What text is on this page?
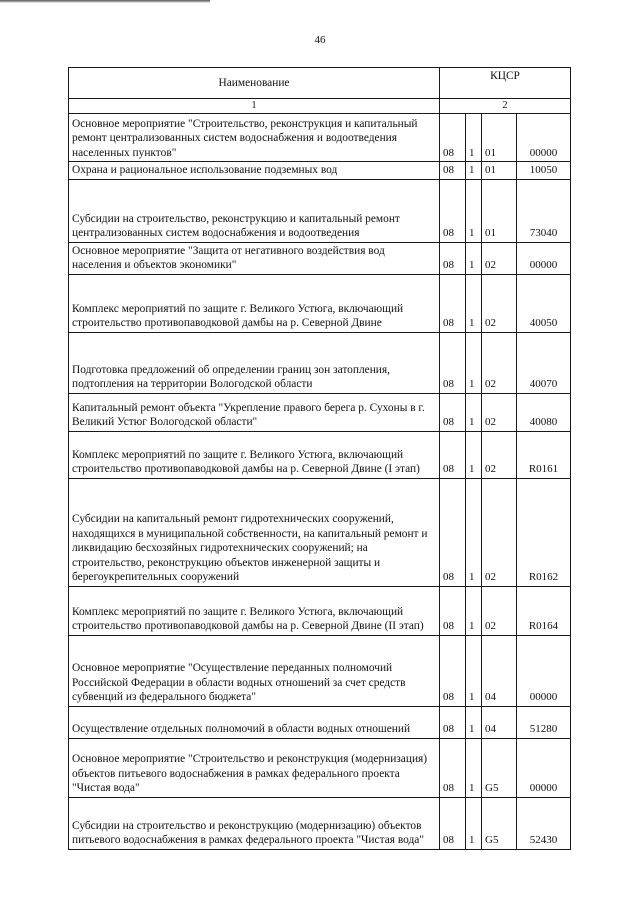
46
Наименование	КЦСР			
1	2			
Основное мероприятие "Строительство, реконструкция и капитальный ремонт централизованных систем водоснабжения и водоотведения населенных пунктов"	08	1	01	00000
Охрана и рациональное использование подземных вод	08	1	01	10050
Субсидии на строительство, реконструкцию и капитальный ремонт централизованных систем водоснабжения и водоотведения	08	1	01	73040
Основное мероприятие "Защита от негативного воздействия вод населения и объектов экономики"	08	1	02	00000
Комплекс мероприятий по защите г. Великого Устюга, включающий строительство противопаводковой дамбы на р. Северной Двине	08	1	02	40050
Подготовка предложений об определении границ зон затопления, подтопления на территории Вологодской области	08	1	02	40070
Капитальный ремонт объекта "Укрепление правого берега р. Сухоны в г. Великий Устюг Вологодской области"	08	1	02	40080
Комплекс мероприятий по защите г. Великого Устюга, включающий строительство противопаводковой дамбы на р. Северной Двине (I этап)	08	1	02	R0161
Субсидии на капитальный ремонт гидротехнических сооружений, находящихся в муниципальной собственности, на капитальный ремонт и ликвидацию бесхозяйных гидротехнических сооружений; на строительство, реконструкцию объектов инженерной защиты и берегоукрепительных сооружений	08	1	02	R0162
Комплекс мероприятий по защите г. Великого Устюга, включающий строительство противопаводковой дамбы на р. Северной Двине (II этап)	08	1	02	R0164
Основное мероприятие "Осуществление переданных полномочий Российской Федерации в области водных отношений за счет средств субвенций из федерального бюджета"	08	1	04	00000
Осуществление отдельных полномочий в области водных отношений	08	1	04	51280
Основное мероприятие "Строительство и реконструкция (модернизация) объектов питьевого водоснабжения в рамках федерального проекта "Чистая вода"	08	1	G5	00000
Субсидии на строительство и реконструкцию (модернизацию) объектов питьевого водоснабжения в рамках федерального проекта "Чистая вода"	08	1	G5	52430
